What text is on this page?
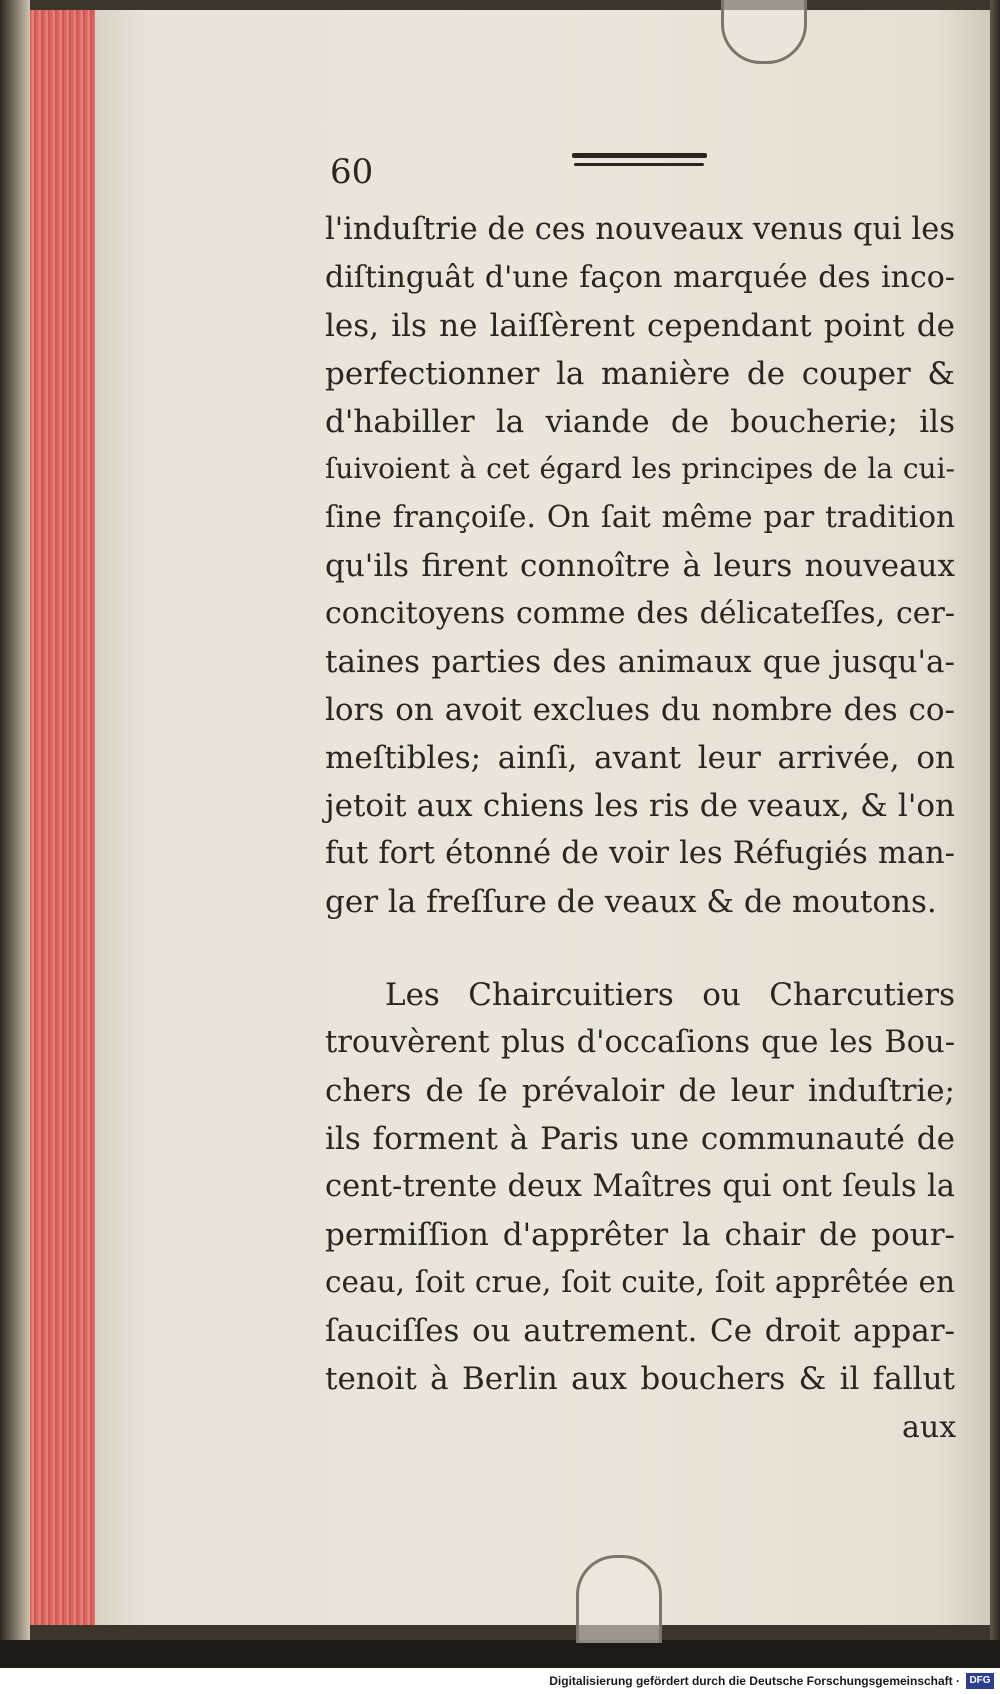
60
l'induſtrie de ces nouveaux venus qui les
diſtinguât d'une façon marquée des inco-
les, ils ne laiſſèrent cependant point de
perfectionner la manière de couper &
d'habiller la viande de boucherie; ils
ſuivoient à cet égard les principes de la cui-
ſine françoiſe. On ſait même par tradition
qu'ils firent connoître à leurs nouveaux
concitoyens comme des délicateſſes, cer-
taines parties des animaux que jusqu'a-
lors on avoit exclues du nombre des co-
meſtibles; ainſi, avant leur arrivée, on
jetoit aux chiens les ris de veaux, & l'on
fut fort étonné de voir les Réfugiés man-
ger la freſſure de veaux & de moutons.
Les Chaircuitiers ou Charcutiers
trouvèrent plus d'occaſions que les Bou-
chers de ſe prévaloir de leur induſtrie;
ils forment à Paris une communauté de
cent-trente deux Maîtres qui ont ſeuls la
permiſſion d'apprêter la chair de pour-
ceau, ſoit crue, ſoit cuite, ſoit apprêtée en
ſauciſſes ou autrement. Ce droit appar-
tenoit à Berlin aux bouchers & il fallut
aux
Digitalisierung gefördert durch die Deutsche Forschungsgemeinschaft · DFG
